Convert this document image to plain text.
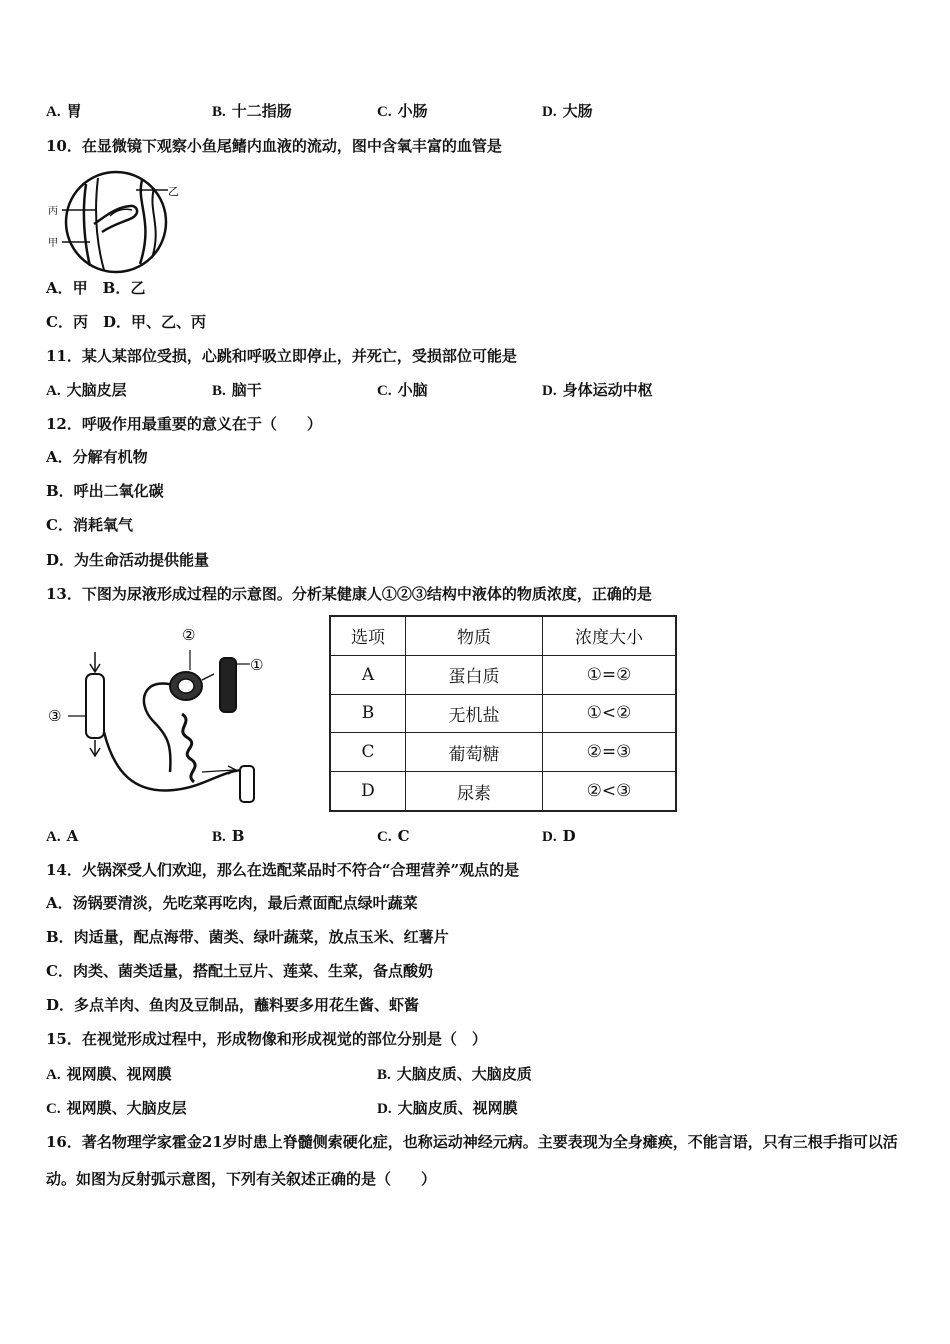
A. 胃	B. 十二指肠	C. 小肠	D. 大肠
10．在显微镜下观察小鱼尾鳍内血液的流动，图中含氧丰富的血管是
乙
丙
甲
A．甲　B．乙
C．丙　D．甲、乙、丙
11．某人某部位受损，心跳和呼吸立即停止，并死亡，受损部位可能是
A. 大脑皮层	B. 脑干	C. 小脑	D. 身体运动中枢
12．呼吸作用最重要的意义在于（　　）
A．分解有机物
B．呼出二氧化碳
C．消耗氧气
D．为生命活动提供能量
13．下图为尿液形成过程的示意图。分析某健康人①②③结构中液体的物质浓度，正确的是
②
①
③
选项	物质	浓度大小
A	蛋白质	①=②
B	无机盐	①<②
C	葡萄糖	②=③
D	尿素	②<③
A. A	B. B	C. C	D. D
14．火锅深受人们欢迎，那么在选配菜品时不符合“合理营养”观点的是
A．汤锅要清淡，先吃菜再吃肉，最后煮面配点绿叶蔬菜
B．肉适量，配点海带、菌类、绿叶蔬菜，放点玉米、红薯片
C．肉类、菌类适量，搭配土豆片、莲菜、生菜，备点酸奶
D．多点羊肉、鱼肉及豆制品，蘸料要多用花生酱、虾酱
15．在视觉形成过程中，形成物像和形成视觉的部位分别是（　）
A. 视网膜、视网膜	B. 大脑皮质、大脑皮质
C. 视网膜、大脑皮层	D. 大脑皮质、视网膜
16．著名物理学家霍金21岁时患上脊髓侧索硬化症，也称运动神经元病。主要表现为全身瘫痪，不能言语，只有三根手指可以活动。如图为反射弧示意图，下列有关叙述正确的是（　　）
